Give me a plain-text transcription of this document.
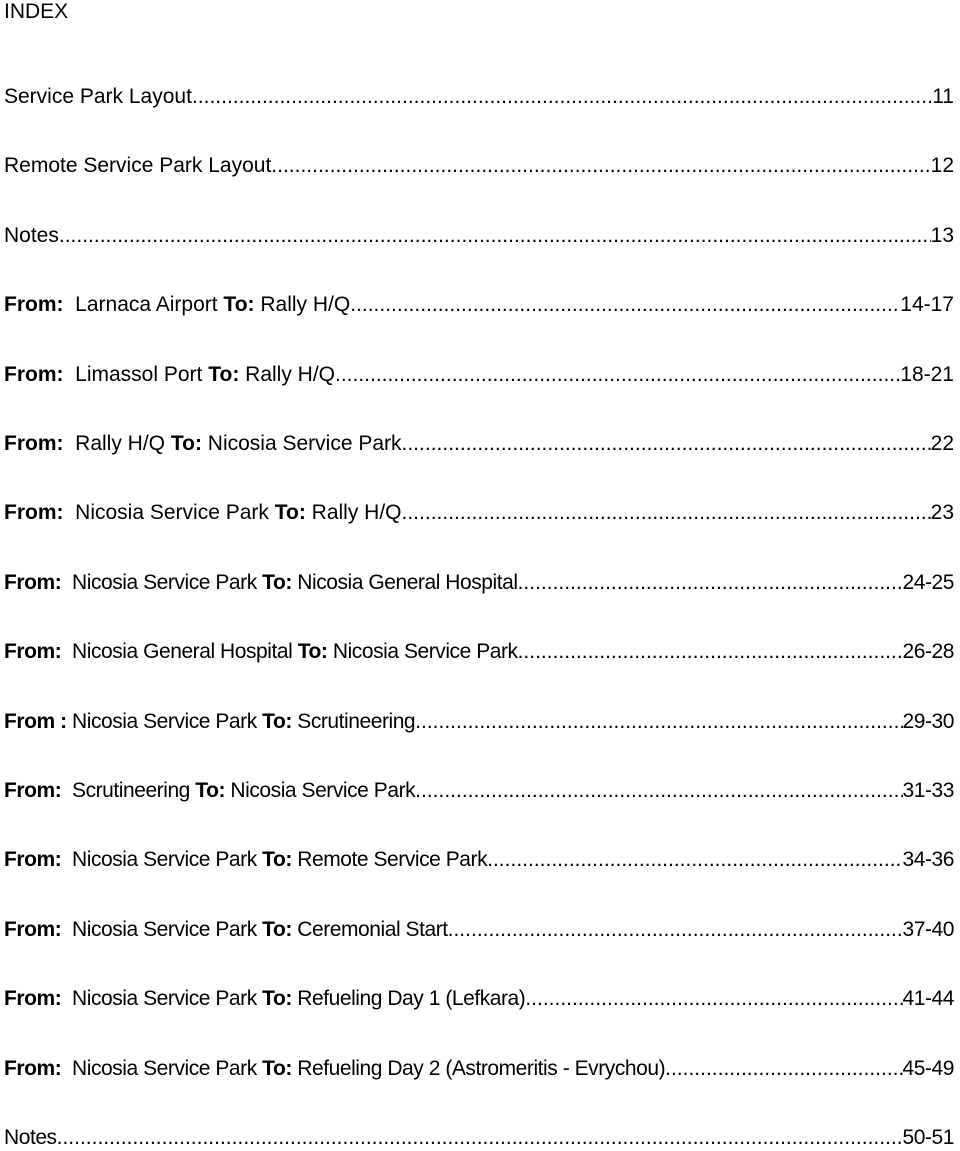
INDEX
Service Park Layout .....	11
Remote Service Park Layout .....	12
Notes .....	13
From:  Larnaca Airport To: Rally H/Q .....	14-17
From:  Limassol Port To: Rally H/Q .....	18-21
From:  Rally H/Q To: Nicosia Service Park .....	22
From:  Nicosia Service Park To: Rally H/Q .....	23
From:  Nicosia Service Park To: Nicosia General Hospital .....	24-25
From:  Nicosia General Hospital To: Nicosia Service Park .....	26-28
From : Nicosia Service Park To: Scrutineering .....	29-30
From:  Scrutineering To: Nicosia Service Park .....	31-33
From:  Nicosia Service Park To: Remote Service Park .....	34-36
From:  Nicosia Service Park To: Ceremonial Start .....	37-40
From:  Nicosia Service Park To: Refueling Day 1 (Lefkara) .....	41-44
From:  Nicosia Service Park To: Refueling Day 2 (Astromeritis - Evrychou) .....	45-49
Notes .....	50-51
